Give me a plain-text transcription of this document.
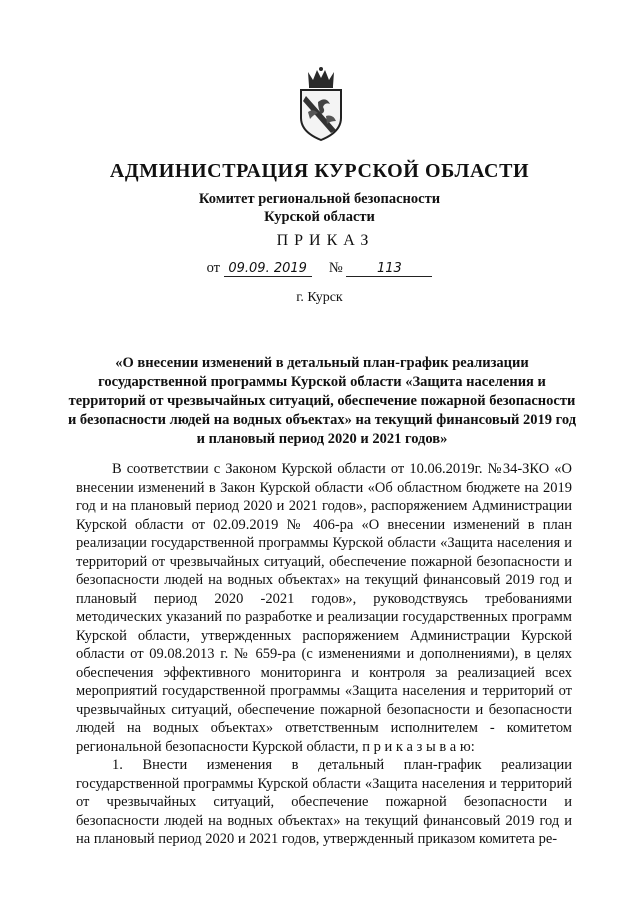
АДМИНИСТРАЦИЯ КУРСКОЙ ОБЛАСТИ
Комитет региональной безопасности
Курской области
ПРИКАЗ
от 09.09. 2019 №	113
г. Курск
«О внесении изменений в детальный план-график реализации государственной программы Курской области «Защита населения и территорий от чрезвычайных ситуаций, обеспечение пожарной безопасности и безопасности людей на водных объектах» на текущий финансовый 2019 год и плановый период 2020 и 2021 годов»

В соответствии с Законом Курской области от 10.06.2019г. №34-ЗКО «О внесении изменений в Закон Курской области «Об областном бюджете на 2019 год и на плановый период 2020 и 2021 годов», распоряжением Администрации Курской области от 02.09.2019 № 406-ра «О внесении изменений в план реализации государственной программы Курской области «Защита населения и территорий от чрезвычайных ситуаций, обеспечение пожарной безопасности и безопасности людей на водных объектах» на текущий финансовый 2019 год и плановый период 2020 -2021 годов», руководствуясь требованиями методических указаний по разработке и реализации государственных программ Курской области, утвержденных распоряжением Администрации Курской области от 09.08.2013 г. № 659-ра (с изменениями и дополнениями), в целях обеспечения эффективного мониторинга и контроля за реализацией всех мероприятий государственной программы «Защита населения и территорий от чрезвычайных ситуаций, обеспечение пожарной безопасности и безопасности людей на водных объектах» ответственным исполнителем - комитетом региональной безопасности Курской области, п р и к а з ы в а ю:

1. Внести изменения в детальный план-график реализации государственной программы Курской области «Защита населения и территорий от чрезвычайных ситуаций, обеспечение пожарной безопасности и безопасности людей на водных объектах» на текущий финансовый 2019 год и на плановый период 2020 и 2021 годов, утвержденный приказом комитета ре-
